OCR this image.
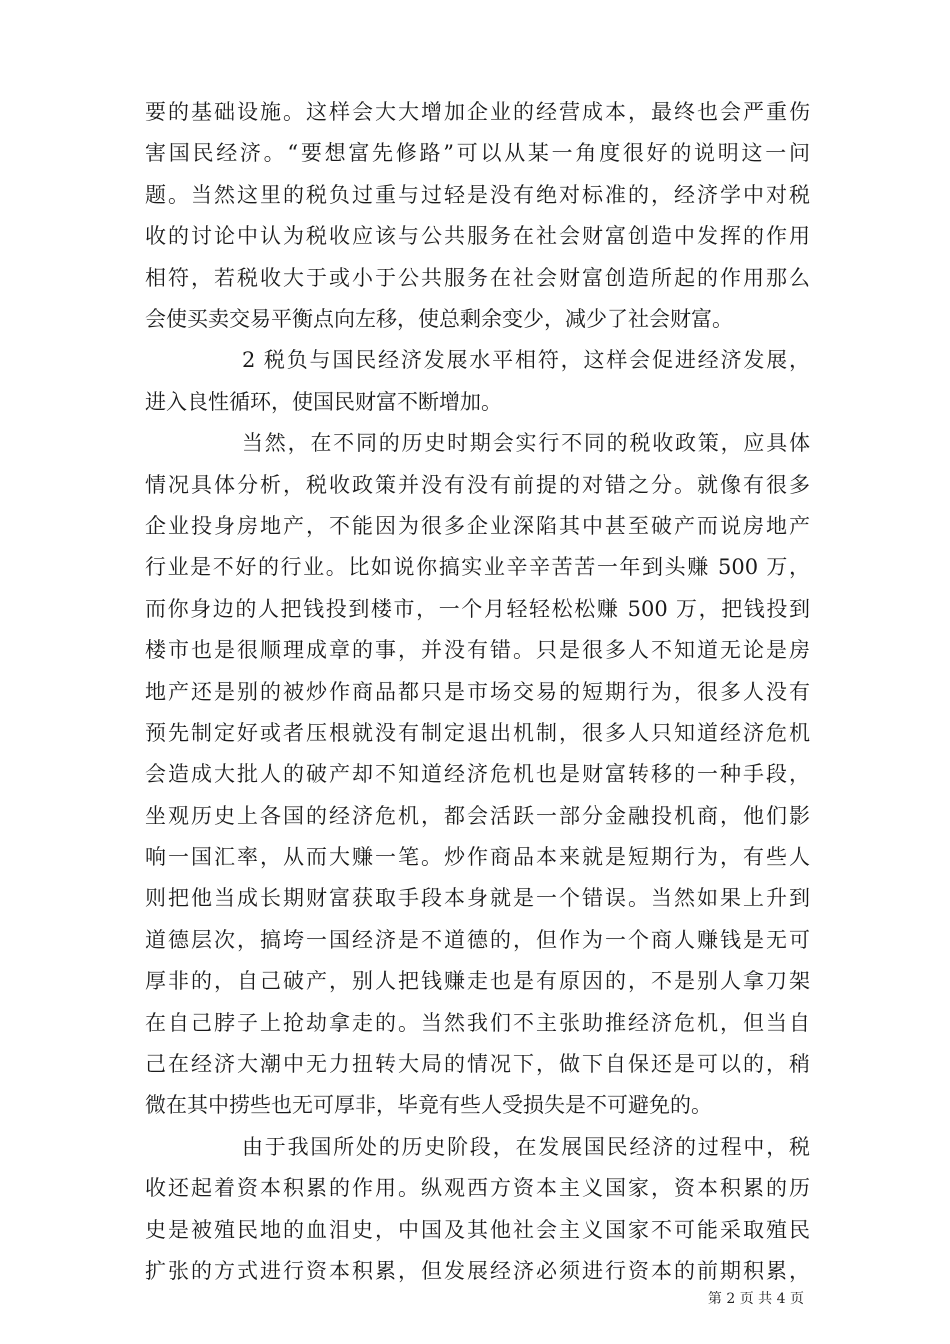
要的基础设施。这样会大大增加企业的经营成本，最终也会严重伤
害国民经济。“要想富先修路”可以从某一角度很好的说明这一问
题。当然这里的税负过重与过轻是没有绝对标准的，经济学中对税
收的讨论中认为税收应该与公共服务在社会财富创造中发挥的作用
相符，若税收大于或小于公共服务在社会财富创造所起的作用那么
会使买卖交易平衡点向左移，使总剩余变少，减少了社会财富。
2 税负与国民经济发展水平相符，这样会促进经济发展，
进入良性循环，使国民财富不断增加。
当然，在不同的历史时期会实行不同的税收政策，应具体
情况具体分析，税收政策并没有没有前提的对错之分。就像有很多
企业投身房地产，不能因为很多企业深陷其中甚至破产而说房地产
行业是不好的行业。比如说你搞实业辛辛苦苦一年到头赚 500 万，
而你身边的人把钱投到楼市，一个月轻轻松松赚 500 万，把钱投到
楼市也是很顺理成章的事，并没有错。只是很多人不知道无论是房
地产还是别的被炒作商品都只是市场交易的短期行为，很多人没有
预先制定好或者压根就没有制定退出机制，很多人只知道经济危机
会造成大批人的破产却不知道经济危机也是财富转移的一种手段，
坐观历史上各国的经济危机，都会活跃一部分金融投机商，他们影
响一国汇率，从而大赚一笔。炒作商品本来就是短期行为，有些人
则把他当成长期财富获取手段本身就是一个错误。当然如果上升到
道德层次，搞垮一国经济是不道德的，但作为一个商人赚钱是无可
厚非的，自己破产，别人把钱赚走也是有原因的，不是别人拿刀架
在自己脖子上抢劫拿走的。当然我们不主张助推经济危机，但当自
己在经济大潮中无力扭转大局的情况下，做下自保还是可以的，稍
微在其中捞些也无可厚非，毕竟有些人受损失是不可避免的。
由于我国所处的历史阶段，在发展国民经济的过程中，税
收还起着资本积累的作用。纵观西方资本主义国家，资本积累的历
史是被殖民地的血泪史，中国及其他社会主义国家不可能采取殖民
扩张的方式进行资本积累，但发展经济必须进行资本的前期积累，
第 2 页 共 4 页
